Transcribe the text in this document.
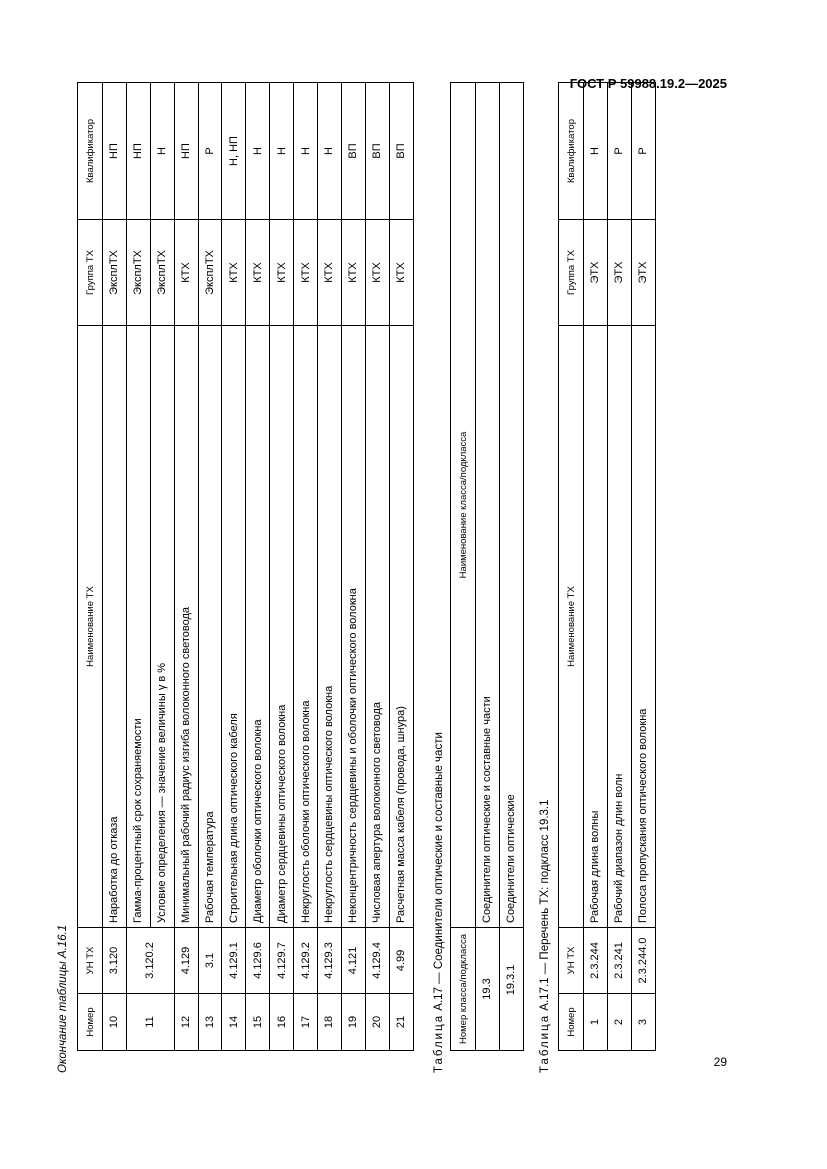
ГОСТ Р 59988.19.2—2025
Окончание таблицы А.16.1 Номер	УН ТХ	Наименование ТХ	Группа ТХ	Квалификатор
10	3.120	Наработка до отказа	ЭксплТХ	НП
11	3.120.2	Гамма-процентный срок сохраняемости	ЭксплТХ	НП
		Условие определения — значение величины γ в %	ЭксплТХ	Н
12	4.129	Минимальный рабочий радиус изгиба волоконного световода	КТХ	НП
13	3.1	Рабочая температура	ЭксплТХ	Р
14	4.129.1	Строительная длина оптического кабеля	КТХ	Н, НП
15	4.129.6	Диаметр оболочки оптического волокна	КТХ	Н
16	4.129.7	Диаметр сердцевины оптического волокна	КТХ	Н
17	4.129.2	Некруглость оболочки оптического волокна	КТХ	Н
18	4.129.3	Некруглость сердцевины оптического волокна	КТХ	Н
19	4.121	Неконцентричность сердцевины и оболочки оптического волокна	КТХ	ВП
20	4.129.4	Числовая апертура волоконного световода	КТХ	ВП
21	4.99	Расчетная масса кабеля (провода, шнура)	КТХ	ВП
Таблица А.17 — Соединители оптические и составные части Номер класса/подкласса	Наименование класса/подкласса
19.3	Соединители оптические и составные части
19.3.1	Соединители оптические
Таблица А.17.1 — Перечень ТХ: подкласс 19.3.1
Номер	УН ТХ	Наименование ТХ	Группа ТХ	Квалификатор
1	2.3.244	Рабочая длина волны	ЭТХ	Н
2	2.3.241	Рабочий диапазон длин волн	ЭТХ	Р
3	2.3.244.0	Полоса пропускания оптического волокна	ЭТХ	Р
29
